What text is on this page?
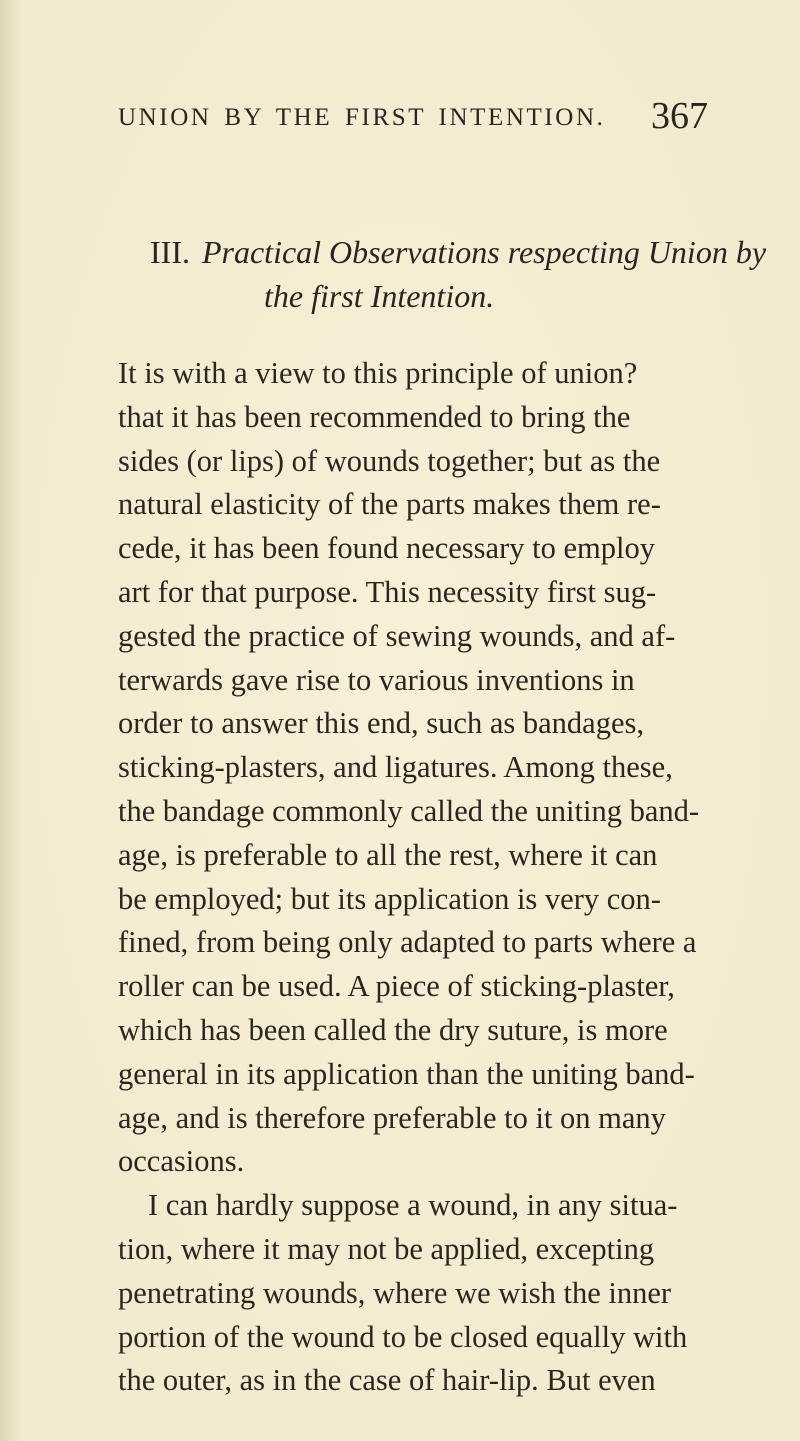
UNION BY THE FIRST INTENTION. 367
III. Practical Observations respecting Union by
the first Intention.
It is with a view to this principle of union?
that it has been recommended to bring the
sides (or lips) of wounds together; but as the
natural elasticity of the parts makes them re-
cede, it has been found necessary to employ
art for that purpose. This necessity first sug-
gested the practice of sewing wounds, and af-
terwards gave rise to various inventions in
order to answer this end, such as bandages,
sticking-plasters, and ligatures. Among these,
the bandage commonly called the uniting band-
age, is preferable to all the rest, where it can
be employed; but its application is very con-
fined, from being only adapted to parts where a
roller can be used. A piece of sticking-plaster,
which has been called the dry suture, is more
general in its application than the uniting band-
age, and is therefore preferable to it on many
occasions.
I can hardly suppose a wound, in any situa-
tion, where it may not be applied, excepting
penetrating wounds, where we wish the inner
portion of the wound to be closed equally with
the outer, as in the case of hair-lip. But even
